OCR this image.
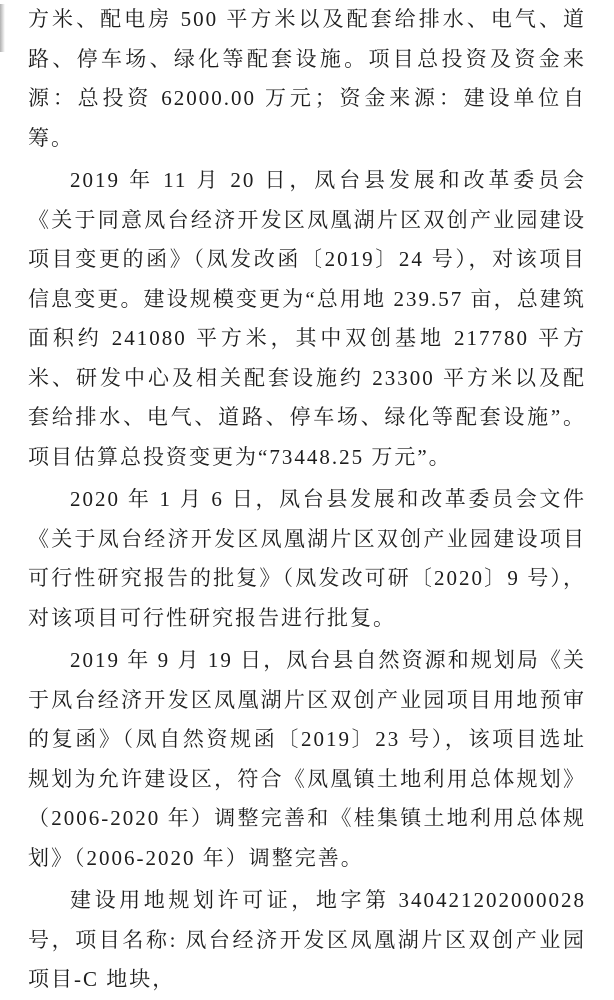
方米、配电房 500 平方米以及配套给排水、电气、道路、停车场、绿化等配套设施。项目总投资及资金来源：总投资 62000.00 万元；资金来源：建设单位自筹。

2019 年 11 月 20 日，凤台县发展和改革委员会《关于同意凤台经济开发区凤凰湖片区双创产业园建设项目变更的函》（凤发改函〔2019〕24 号），对该项目信息变更。建设规模变更为“总用地 239.57 亩，总建筑面积约 241080 平方米，其中双创基地 217780 平方米、研发中心及相关配套设施约 23300 平方米以及配套给排水、电气、道路、停车场、绿化等配套设施”。项目估算总投资变更为“73448.25 万元”。

2020 年 1 月 6 日，凤台县发展和改革委员会文件《关于凤台经济开发区凤凰湖片区双创产业园建设项目可行性研究报告的批复》（凤发改可研〔2020〕9 号），对该项目可行性研究报告进行批复。

2019 年 9 月 19 日，凤台县自然资源和规划局《关于凤台经济开发区凤凰湖片区双创产业园项目用地预审的复函》（凤自然资规函〔2019〕23 号），该项目选址规划为允许建设区，符合《凤凰镇土地利用总体规划》（2006-2020 年）调整完善和《桂集镇土地利用总体规划》（2006-2020 年）调整完善。

建设用地规划许可证，地字第 340421202000028 号，项目名称: 凤台经济开发区凤凰湖片区双创产业园项目-C 地块，
